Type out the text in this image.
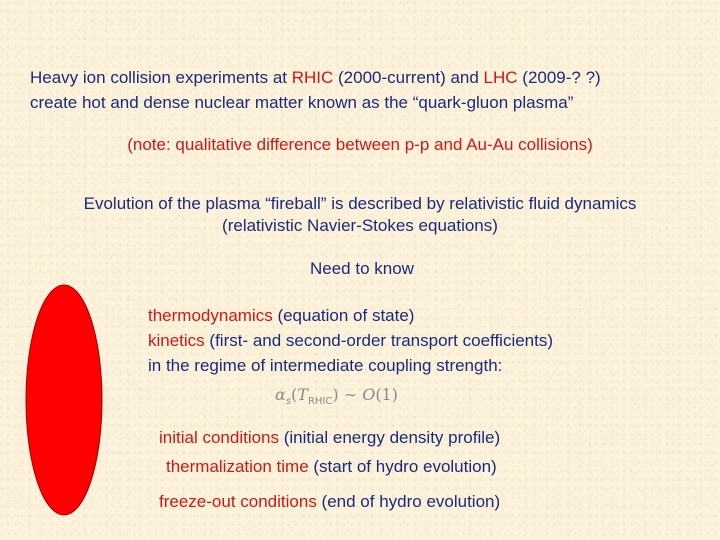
Heavy ion collision experiments at RHIC (2000-current) and LHC (2009-? ?)
create hot and dense nuclear matter known as the “quark-gluon plasma”
(note: qualitative difference between p-p and Au-Au collisions)
Evolution of the plasma “fireball” is described by relativistic fluid dynamics
(relativistic Navier-Stokes equations)
Need to know
thermodynamics (equation of state)
kinetics (first- and second-order transport coefficients)
in the regime of intermediate coupling strength:
$\alpha_s(T_{RHIC})$ ∼ O(1)
initial conditions (initial energy density profile)
thermalization time (start of hydro evolution)
freeze-out conditions (end of hydro evolution)
